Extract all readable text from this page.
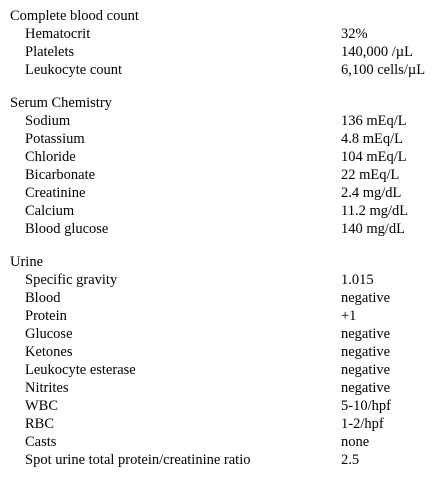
Complete blood count
Hematocrit	32%
Platelets	140,000 /µL
Leukocyte count	6,100 cells/µL
Serum Chemistry
Sodium	136 mEq/L
Potassium	4.8 mEq/L
Chloride	104 mEq/L
Bicarbonate	22 mEq/L
Creatinine	2.4 mg/dL
Calcium	11.2 mg/dL
Blood glucose	140 mg/dL
Urine
Specific gravity	1.015
Blood	negative
Protein	+1
Glucose	negative
Ketones	negative
Leukocyte esterase	negative
Nitrites	negative
WBC	5-10/hpf
RBC	1-2/hpf
Casts	none
Spot urine total protein/creatinine ratio	2.5
